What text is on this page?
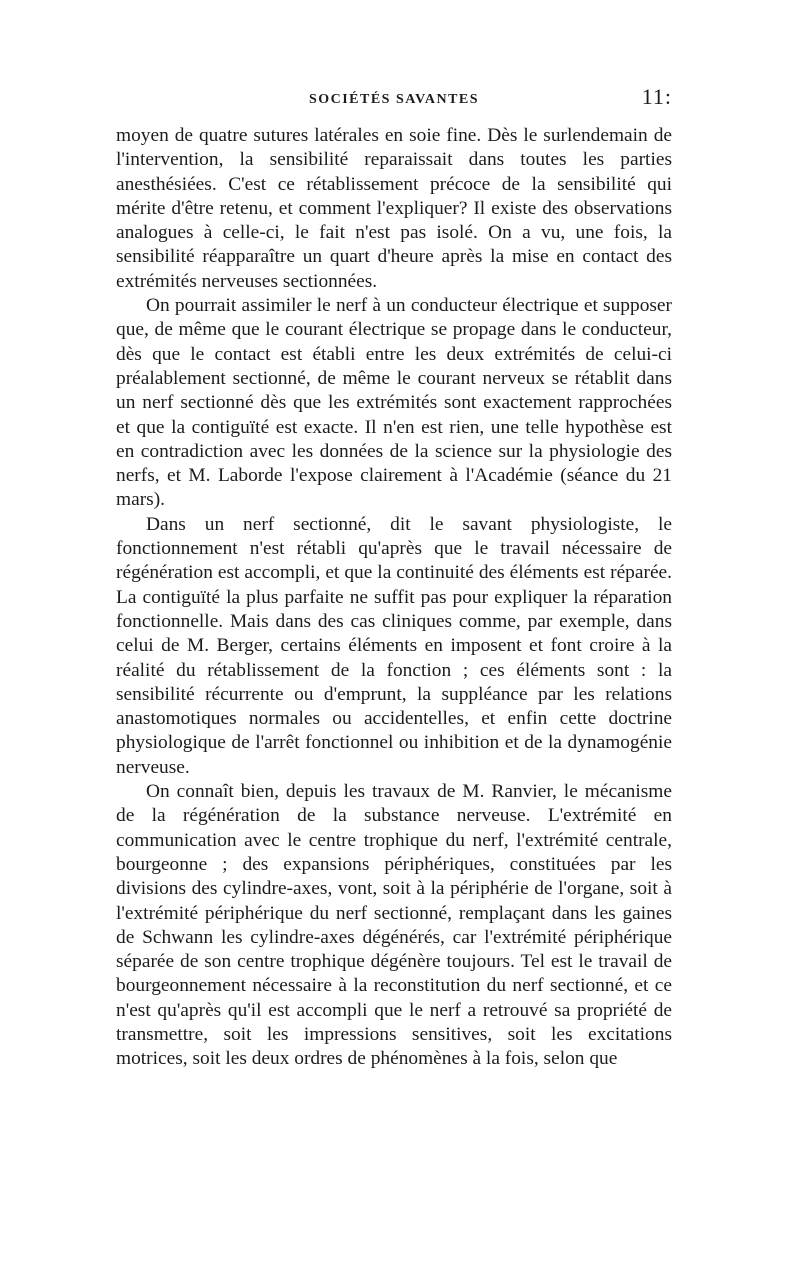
SOCIÉTÉS SAVANTES	11:

moyen de quatre sutures latérales en soie fine. Dès le surlendemain de l'intervention, la sensibilité reparaissait dans toutes les parties anesthésiées. C'est ce rétablissement précoce de la sensibilité qui mérite d'être retenu, et comment l'expliquer? Il existe des observations analogues à celle-ci, le fait n'est pas isolé. On a vu, une fois, la sensibilité réapparaître un quart d'heure après la mise en contact des extrémités nerveuses sectionnées.

On pourrait assimiler le nerf à un conducteur électrique et supposer que, de même que le courant électrique se propage dans le conducteur, dès que le contact est établi entre les deux extrémités de celui-ci préalablement sectionné, de même le courant nerveux se rétablit dans un nerf sectionné dès que les extrémités sont exactement rapprochées et que la contiguïté est exacte. Il n'en est rien, une telle hypothèse est en contradiction avec les données de la science sur la physiologie des nerfs, et M. Laborde l'expose clairement à l'Académie (séance du 21 mars).

Dans un nerf sectionné, dit le savant physiologiste, le fonctionnement n'est rétabli qu'après que le travail nécessaire de régénération est accompli, et que la continuité des éléments est réparée. La contiguïté la plus parfaite ne suffit pas pour expliquer la réparation fonctionnelle. Mais dans des cas cliniques comme, par exemple, dans celui de M. Berger, certains éléments en imposent et font croire à la réalité du rétablissement de la fonction ; ces éléments sont : la sensibilité récurrente ou d'emprunt, la suppléance par les relations anastomotiques normales ou accidentelles, et enfin cette doctrine physiologique de l'arrêt fonctionnel ou inhibition et de la dynamogénie nerveuse.

On connaît bien, depuis les travaux de M. Ranvier, le mécanisme de la régénération de la substance nerveuse. L'extrémité en communication avec le centre trophique du nerf, l'extrémité centrale, bourgeonne ; des expansions périphériques, constituées par les divisions des cylindre-axes, vont, soit à la périphérie de l'organe, soit à l'extrémité périphérique du nerf sectionné, remplaçant dans les gaines de Schwann les cylindre-axes dégénérés, car l'extrémité périphérique séparée de son centre trophique dégénère toujours. Tel est le travail de bourgeonnement nécessaire à la reconstitution du nerf sectionné, et ce n'est qu'après qu'il est accompli que le nerf a retrouvé sa propriété de transmettre, soit les impressions sensitives, soit les excitations motrices, soit les deux ordres de phénomènes à la fois, selon que
